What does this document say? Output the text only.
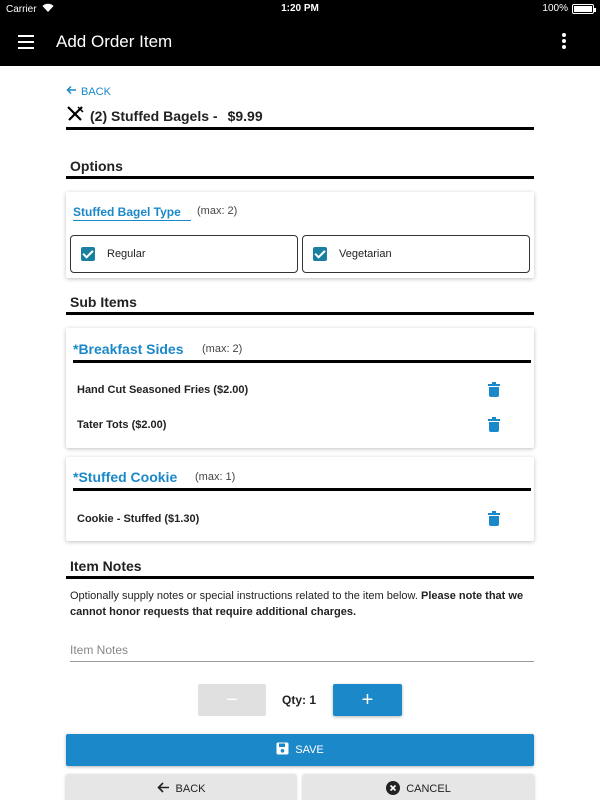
Carrier	1:20 PM	100%
Add Order Item
BACK
(2) Stuffed Bagels - $9.99
Options
Stuffed Bagel Type (max: 2)
Regular	Vegetarian
Sub Items
*Breakfast Sides (max: 2)
Hand Cut Seasoned Fries ($2.00)
Tater Tots ($2.00)
*Stuffed Cookie (max: 1)
Cookie - Stuffed ($1.30)
Item Notes
Optionally supply notes or special instructions related to the item below. Please note that we cannot honor requests that require additional charges.
Item Notes
−	Qty: 1 +
SAVE
BACK	CANCEL
